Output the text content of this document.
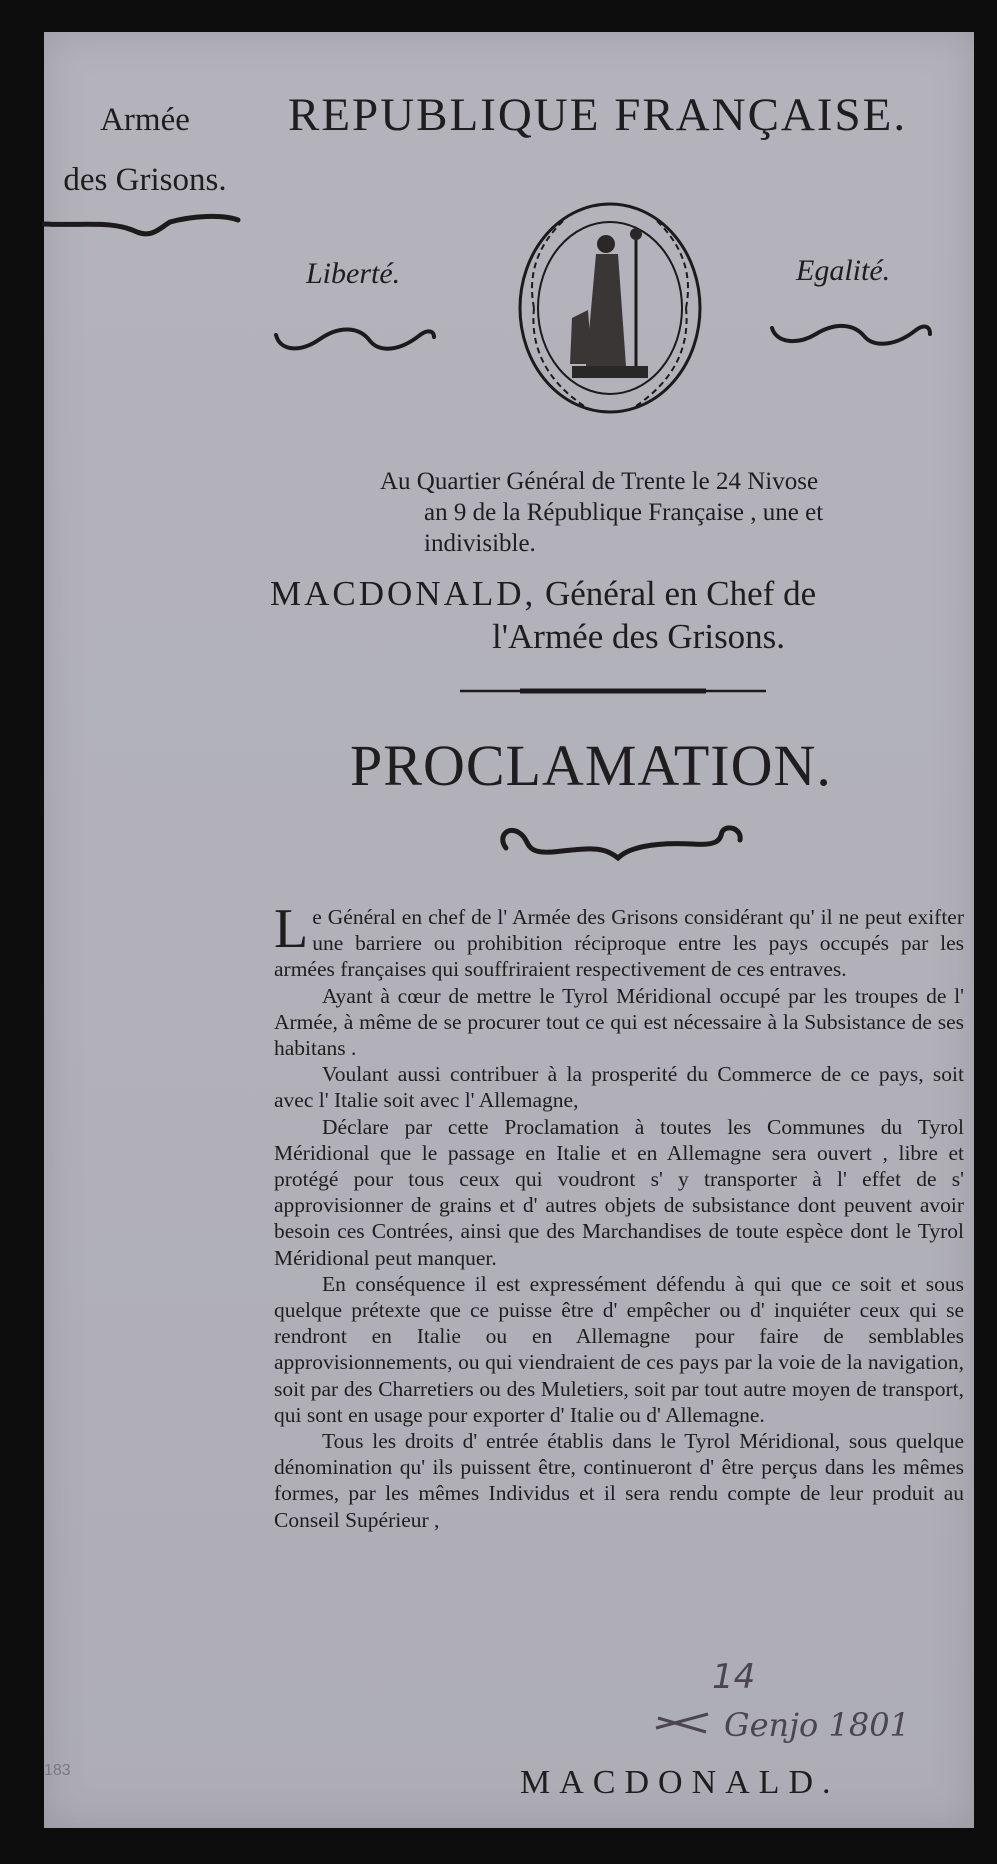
Armée
des Grisons.
REPUBLIQUE FRANÇAISE.
Liberté.	Egalité.
Au Quartier Général de Trente le 24 Nivose
an 9 de la République Française , une et
indivisible.
MACDONALD, Général en Chef de
l'Armée des Grisons.
PROCLAMATION.

Le Général en chef de l' Armée des Grisons considérant qu' il ne peut exifter une barriere ou prohibition réciproque entre les pays occupés par les armées françaises qui souffriraient respectivement de ces entraves.

Ayant à cœur de mettre le Tyrol Méridional occupé par les troupes de l' Armée, à même de se procurer tout ce qui est nécessaire à la Subsistance de ses habitans .

Voulant aussi contribuer à la prosperité du Commerce de ce pays, soit avec l' Italie soit avec l' Allemagne,

Déclare par cette Proclamation à toutes les Communes du Tyrol Méridional que le passage en Italie et en Allemagne sera ouvert , libre et protégé pour tous ceux qui voudront s' y transporter à l' effet de s' approvisionner de grains et d' autres objets de subsistance dont peuvent avoir besoin ces Contrées, ainsi que des Marchandises de toute espèce dont le Tyrol Méridional peut manquer.

En conséquence il est expressément défendu à qui que ce soit et sous quelque prétexte que ce puisse être d' empêcher ou d' inquiéter ceux qui se rendront en Italie ou en Allemagne pour faire de semblables approvisionnements, ou qui viendraient de ces pays par la voie de la navigation, soit par des Charretiers ou des Muletiers, soit par tout autre moyen de transport, qui sont en usage pour exporter d' Italie ou d' Allemagne.

Tous les droits d' entrée établis dans le Tyrol Méridional, sous quelque dénomination qu' ils puissent être, continueront d' être perçus dans les mêmes formes, par les mêmes Individus et il sera rendu compte de leur produit au Conseil Supérieur ,

14
Genjo 1801
MACDONALD.
183
